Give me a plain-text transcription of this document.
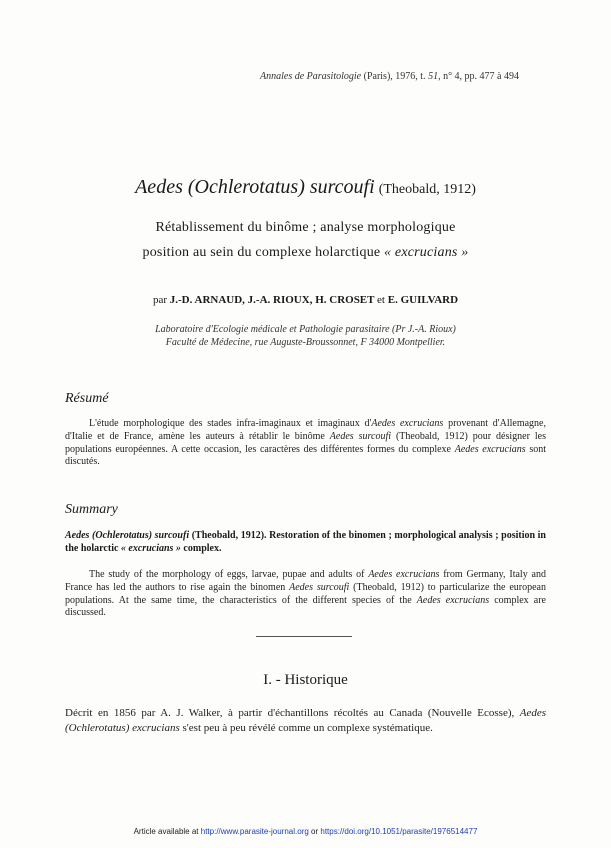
Annales de Parasitologie (Paris), 1976, t. 51, n° 4, pp. 477 à 494
Aedes (Ochlerotatus) surcoufi (Theobald, 1912)
Rétablissement du binôme ; analyse morphologique
position au sein du complexe holarctique « excrucians »
par J.-D. ARNAUD, J.-A. RIOUX, H. CROSET et E. GUILVARD
Laboratoire d'Ecologie médicale et Pathologie parasitaire (Pr J.-A. Rioux)
Faculté de Médecine, rue Auguste-Broussonnet, F 34000 Montpellier.
Résumé
L'étude morphologique des stades infra-imaginaux et imaginaux d'Aedes excrucians provenant d'Allemagne, d'Italie et de France, amène les auteurs à rétablir le binôme Aedes surcoufi (Theobald, 1912) pour désigner les populations européennes. A cette occasion, les caractères des différentes formes du complexe Aedes excrucians sont discutés.
Summary
Aedes (Ochlerotatus) surcoufi (Theobald, 1912). Restoration of the binomen ; morphological analysis ; position in the holarctic « excrucians » complex.
The study of the morphology of eggs, larvae, pupae and adults of Aedes excrucians from Germany, Italy and France has led the authors to rise again the binomen Aedes surcoufi (Theobald, 1912) to particularize the european populations. At the same time, the characteristics of the different species of the Aedes excrucians complex are discussed.
I. - Historique
Décrit en 1856 par A. J. Walker, à partir d'échantillons récoltés au Canada (Nouvelle Ecosse), Aedes (Ochlerotatus) excrucians s'est peu à peu révélé comme un complexe systématique.
Article available at http://www.parasite-journal.org or https://doi.org/10.1051/parasite/1976514477
